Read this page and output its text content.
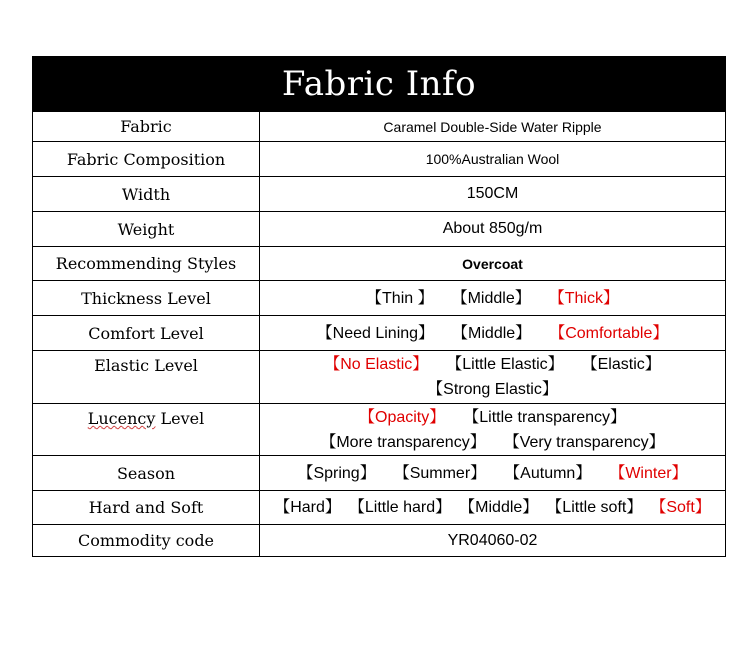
Fabric Info
Fabric	Caramel Double-Side Water Ripple
Fabric Composition	100%Australian Wool
Width	150CM
Weight	About 850g/m
Recommending Styles	Overcoat
Thickness Level	【Thin 】 【Middle】 【Thick】
Comfort Level	【Need Lining】 【Middle】 【Comfortable】
Elastic Level	【No Elastic】 【Little Elastic】 【Elastic】
【Strong Elastic】
Lucency Level	【Opacity】 【Little transparency】
【More transparency】 【Very transparency】
Season	【Spring】 【Summer】 【Autumn】 【Winter】
Hard and Soft	【Hard】 【Little hard】 【Middle】 【Little soft】 【Soft】
Commodity code	YR04060-02
